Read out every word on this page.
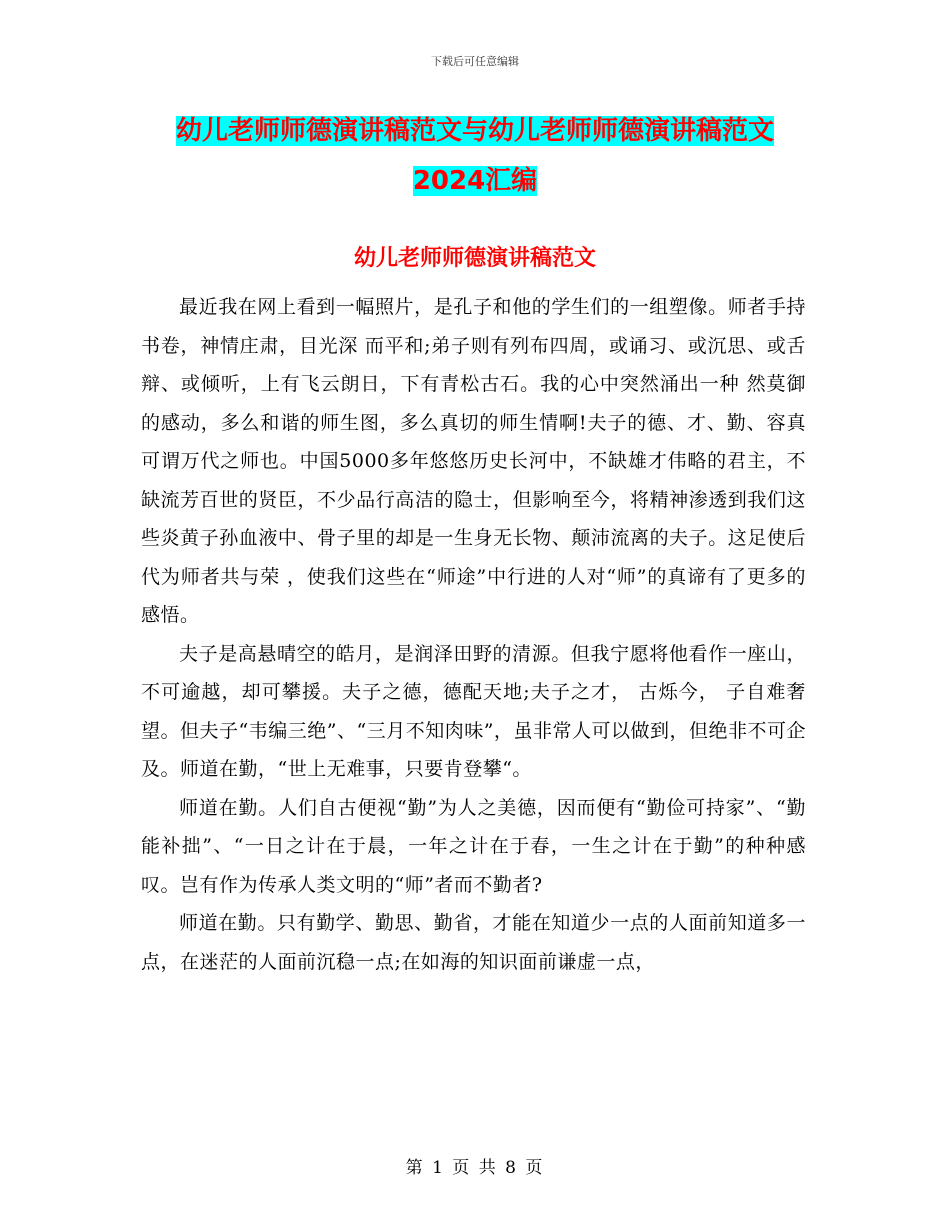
下载后可任意编辑
幼儿老师师德演讲稿范文与幼儿老师师德演讲稿范文2024汇编
幼儿老师师德演讲稿范文

最近我在网上看到一幅照片，是孔子和他的学生们的一组塑像。师者手持书卷，神情庄肃，目光深 而平和;弟子则有列布四周，或诵习、或沉思、或舌辩、或倾听，上有飞云朗日，下有青松古石。我的心中突然涌出一种 然莫御的感动，多么和谐的师生图，多么真切的师生情啊!夫子的德、才、勤、容真可谓万代之师也。中国5000多年悠悠历史长河中，不缺雄才伟略的君主，不缺流芳百世的贤臣，不少品行高洁的隐士，但影响至今，将精神渗透到我们这些炎黄子孙血液中、骨子里的却是一生身无长物、颠沛流离的夫子。这足使后代为师者共与荣 ，使我们这些在“师途”中行进的人对“师”的真谛有了更多的感悟。

夫子是高悬晴空的皓月，是润泽田野的清源。但我宁愿将他看作一座山，不可逾越，却可攀援。夫子之德，德配天地;夫子之才， 古烁今， 子自难奢望。但夫子“韦编三绝”、“三月不知肉味”，虽非常人可以做到，但绝非不可企及。师道在勤，“世上无难事，只要肯登攀“。

师道在勤。人们自古便视“勤”为人之美德，因而便有“勤俭可持家”、“勤能补拙”、“一日之计在于晨，一年之计在于春，一生之计在于勤”的种种感叹。岂有作为传承人类文明的“师”者而不勤者?

师道在勤。只有勤学、勤思、勤省，才能在知道少一点的人面前知道多一点，在迷茫的人面前沉稳一点;在如海的知识面前谦虚一点，

第 1 页 共 8 页
